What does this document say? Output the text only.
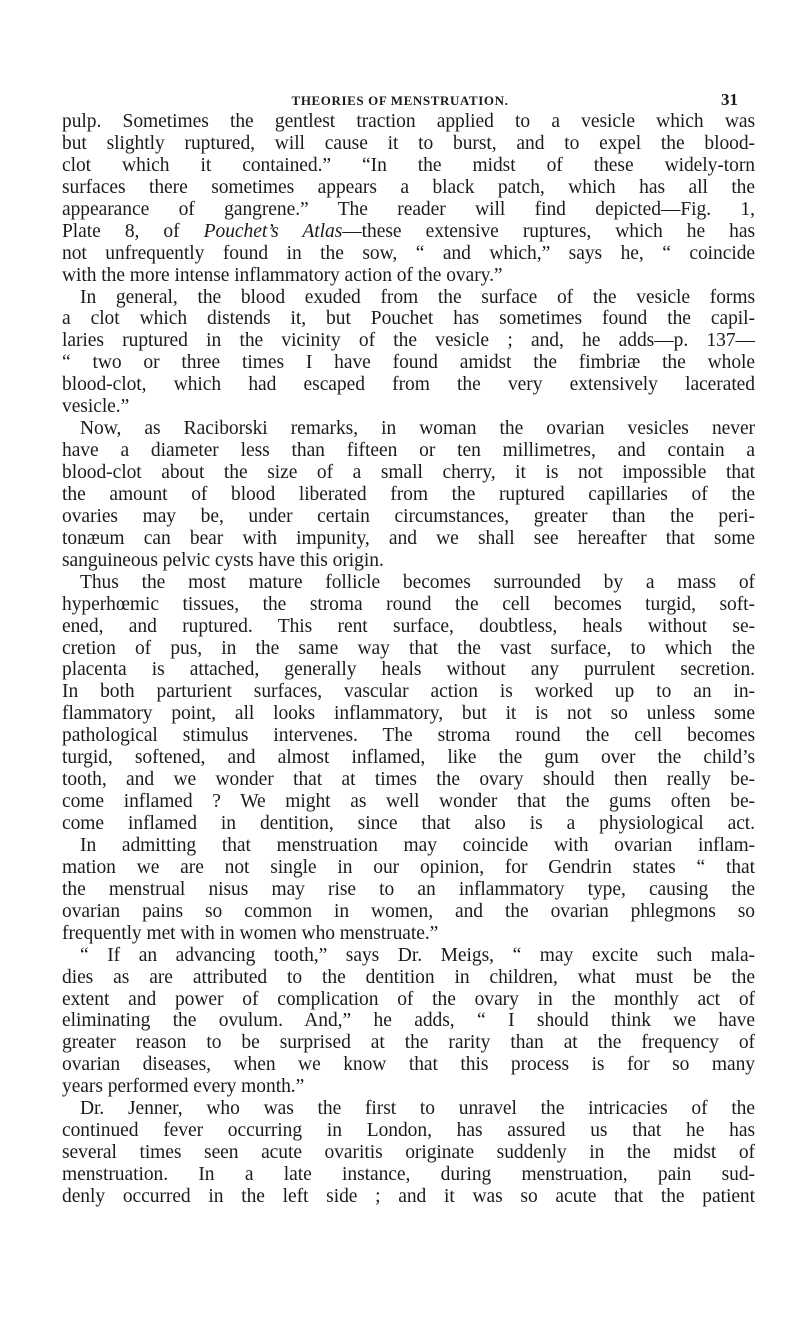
THEORIES OF MENSTRUATION.	31
pulp. Sometimes the gentlest traction applied to a vesicle which was
but slightly ruptured, will cause it to burst, and to expel the blood-
clot which it contained.” “In the midst of these widely-torn
surfaces there sometimes appears a black patch, which has all the
appearance of gangrene.” The reader will find depicted—Fig. 1,
Plate 8, of Pouchet’s Atlas—these extensive ruptures, which he has
not unfrequently found in the sow, “ and which,” says he, “ coincide
with the more intense inflammatory action of the ovary.”
In general, the blood exuded from the surface of the vesicle forms
a clot which distends it, but Pouchet has sometimes found the capil-
laries ruptured in the vicinity of the vesicle ; and, he adds—p. 137—
“ two or three times I have found amidst the fimbriæ the whole
blood-clot, which had escaped from the very extensively lacerated
vesicle.”
Now, as Raciborski remarks, in woman the ovarian vesicles never
have a diameter less than fifteen or ten millimetres, and contain a
blood-clot about the size of a small cherry, it is not impossible that
the amount of blood liberated from the ruptured capillaries of the
ovaries may be, under certain circumstances, greater than the peri-
tonæum can bear with impunity, and we shall see hereafter that some
sanguineous pelvic cysts have this origin.
Thus the most mature follicle becomes surrounded by a mass of
hyperhœmic tissues, the stroma round the cell becomes turgid, soft-
ened, and ruptured. This rent surface, doubtless, heals without se-
cretion of pus, in the same way that the vast surface, to which the
placenta is attached, generally heals without any purrulent secretion.
In both parturient surfaces, vascular action is worked up to an in-
flammatory point, all looks inflammatory, but it is not so unless some
pathological stimulus intervenes. The stroma round the cell becomes
turgid, softened, and almost inflamed, like the gum over the child’s
tooth, and we wonder that at times the ovary should then really be-
come inflamed ? We might as well wonder that the gums often be-
come inflamed in dentition, since that also is a physiological act.
In admitting that menstruation may coincide with ovarian inflam-
mation we are not single in our opinion, for Gendrin states “ that
the menstrual nisus may rise to an inflammatory type, causing the
ovarian pains so common in women, and the ovarian phlegmons so
frequently met with in women who menstruate.”
“ If an advancing tooth,” says Dr. Meigs, “ may excite such mala-
dies as are attributed to the dentition in children, what must be the
extent and power of complication of the ovary in the monthly act of
eliminating the ovulum. And,” he adds, “ I should think we have
greater reason to be surprised at the rarity than at the frequency of
ovarian diseases, when we know that this process is for so many
years performed every month.”
Dr. Jenner, who was the first to unravel the intricacies of the
continued fever occurring in London, has assured us that he has
several times seen acute ovaritis originate suddenly in the midst of
menstruation. In a late instance, during menstruation, pain sud-
denly occurred in the left side ; and it was so acute that the patient
